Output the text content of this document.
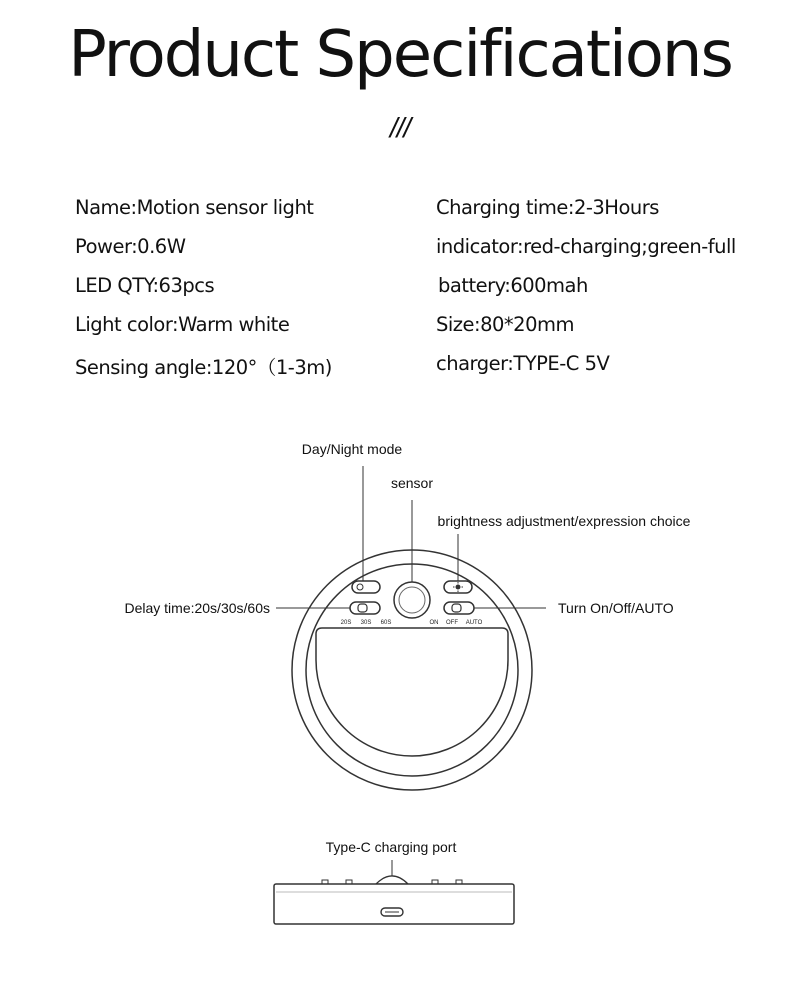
Product Specifications
///
Name:Motion sensor light
Power:0.6W
LED QTY:63pcs
Light color:Warm white
Sensing angle:120°（1-3m)
Charging time:2-3Hours
indicator:red-charging;green-full
battery:600mah
Size:80*20mm
charger:TYPE-C 5V
20S 30S 60S	ON OFF AUTO
Day/Night mode
sensor
brightness adjustment/expression choice
Delay time:20s/30s/60s	Turn On/Off/AUTO
Type-C charging port
